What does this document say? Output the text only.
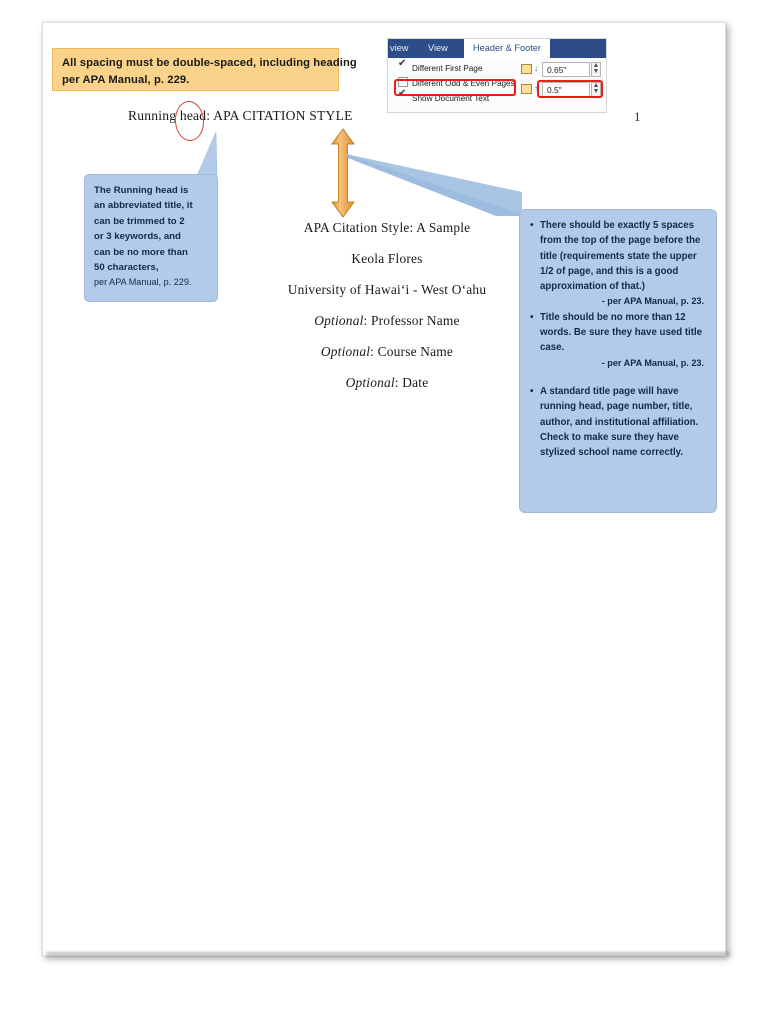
Running head: APA CITATION STYLE	1
All spacing must be double-spaced, including heading
per APA Manual, p. 229.
view View	Header & Footer
✔Different First Page
Different Odd & Even Pages
✔Show Document Text
↓	0.65"	▲
▼
↑	0.5"	▲
▼
The Running head is
an abbreviated title, it
can be trimmed to 2
or 3 keywords, and
can be no more than
50 characters,
per APA Manual, p. 229.
APA Citation Style: A Sample
Keola Flores
University of Hawaiʻi - West Oʻahu
Optional: Professor Name
Optional: Course Name
Optional: Date
• There should be exactly 5 spaces from the top of the page before the title (requirements state the upper 1/2 of page, and this is a good approximation of that.)
- per APA Manual, p. 23.
• Title should be no more than 12 words. Be sure they have used title case.
- per APA Manual, p. 23.
• A standard title page will have running head, page number, title, author, and institutional affiliation. Check to make sure they have stylized school name correctly.
